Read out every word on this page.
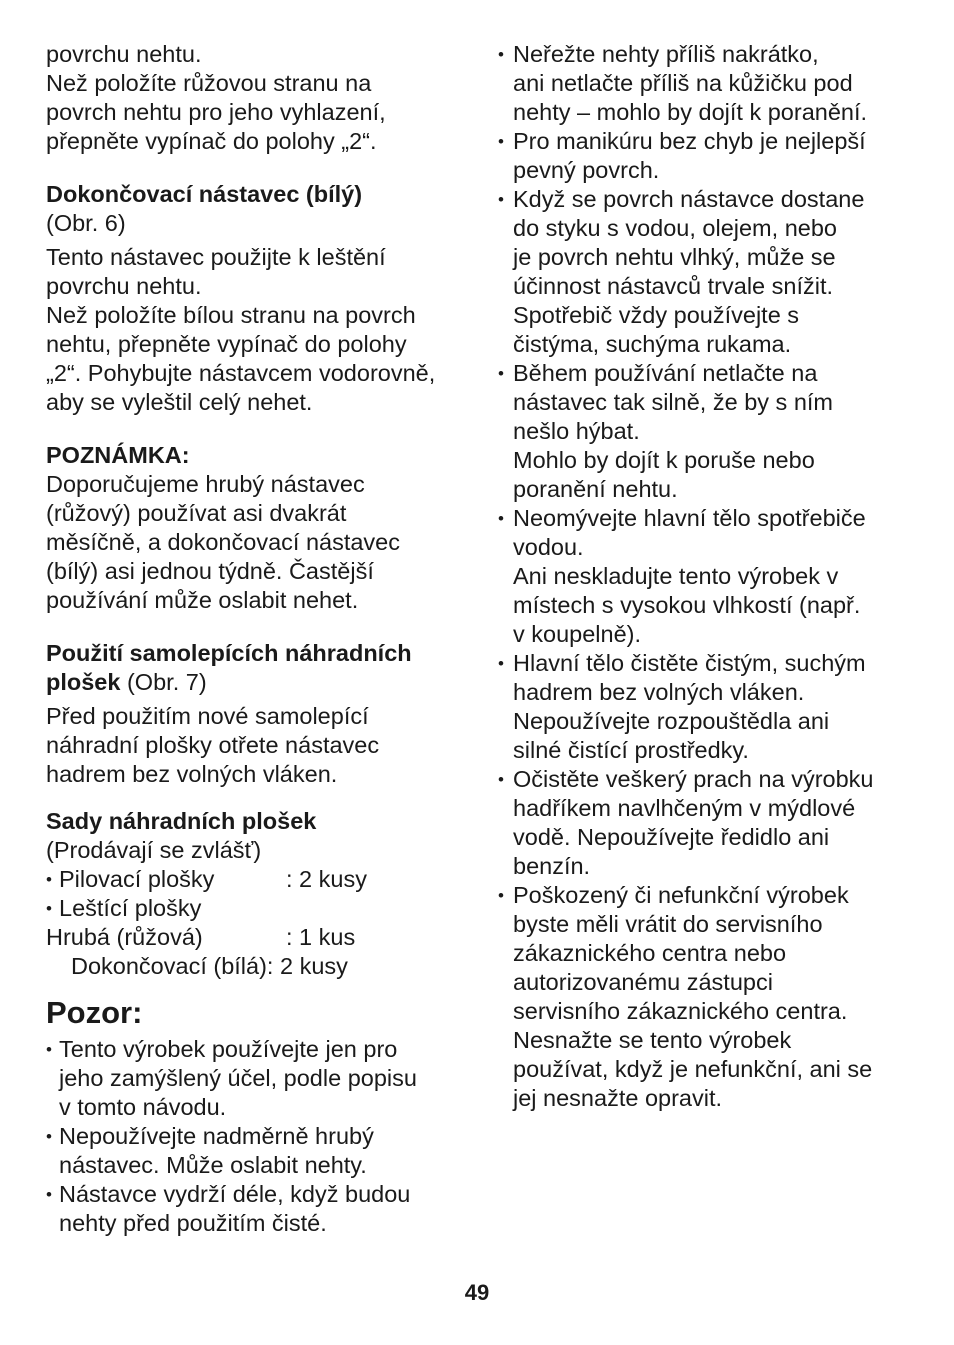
povrchu nehtu.
Než položíte růžovou stranu na
povrch nehtu pro jeho vyhlazení,
přepněte vypínač do polohy „2“.

Dokončovací nástavec (bílý)
(Obr. 6)

Tento nástavec použijte k leštění
povrchu nehtu.
Než položíte bílou stranu na povrch
nehtu, přepněte vypínač do polohy
„2“. Pohybujte nástavcem vodorovně,
aby se vyleštil celý nehet.

POZNÁMKA:
Doporučujeme hrubý nástavec
(růžový) používat asi dvakrát
měsíčně, a dokončovací nástavec
(bílý) asi jednou týdně. Častější
používání může oslabit nehet.

Použití samolepících náhradních
plošek (Obr. 7)

Před použitím nové samolepící
náhradní plošky otřete nástavec
hadrem bez volných vláken.

Sady náhradních plošek
(Prodávají se zvlášť)
• Pilovací plošky	: 2 kusy
• Leštící plošky
Hrubá (růžová)	: 1 kus
Dokončovací (bílá): 2 kusy
Pozor:
• Tento výrobek používejte jen pro
jeho zamýšlený účel, podle popisu
v tomto návodu.
• Nepoužívejte nadměrně hrubý
nástavec. Může oslabit nehty.
• Nástavce vydrží déle, když budou
nehty před použitím čisté.
• Neřežte nehty příliš nakrátko,
ani netlačte příliš na kůžičku pod
nehty – mohlo by dojít k poranění.
• Pro manikúru bez chyb je nejlepší
pevný povrch.
• Když se povrch nástavce dostane
do styku s vodou, olejem, nebo
je povrch nehtu vlhký, může se
účinnost nástavců trvale snížit.
Spotřebič vždy používejte s
čistýma, suchýma rukama.
• Během používání netlačte na
nástavec tak silně, že by s ním
nešlo hýbat.
Mohlo by dojít k poruše nebo
poranění nehtu.
• Neomývejte hlavní tělo spotřebiče
vodou.
Ani neskladujte tento výrobek v
místech s vysokou vlhkostí (např.
v koupelně).
• Hlavní tělo čistěte čistým, suchým
hadrem bez volných vláken.
Nepoužívejte rozpouštědla ani
silné čistící prostředky.
• Očistěte veškerý prach na výrobku
hadříkem navlhčeným v mýdlové
vodě. Nepoužívejte ředidlo ani
benzín.
• Poškozený či nefunkční výrobek
byste měli vrátit do servisního
zákaznického centra nebo
autorizovanému zástupci
servisního zákaznického centra.
Nesnažte se tento výrobek
používat, když je nefunkční, ani se
jej nesnažte opravit.
49
